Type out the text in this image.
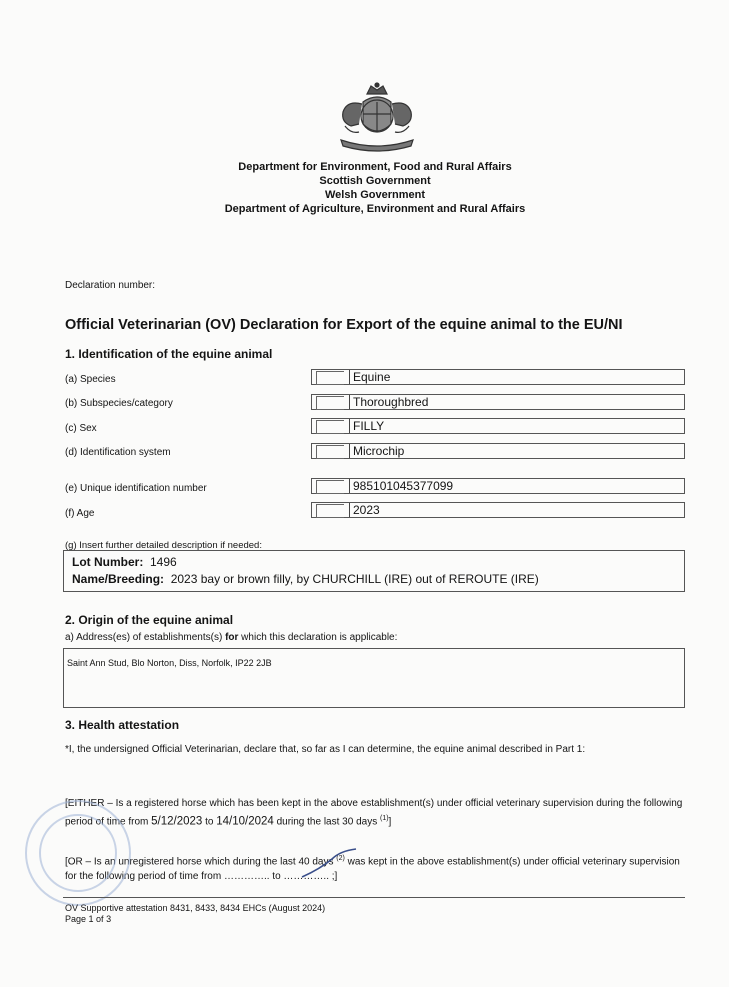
Department for Environment, Food and Rural Affairs
Scottish Government
Welsh Government
Department of Agriculture, Environment and Rural Affairs
Declaration number:
Official Veterinarian (OV) Declaration for Export of the equine animal to the EU/NI
1. Identification of the equine animal
(a) Species	Equine
(b) Subspecies/category	Thoroughbred
(c) Sex	FILLY
(d) Identification system	Microchip
(e) Unique identification number	985101045377099
(f) Age	2023
(g) Insert further detailed description if needed:
Lot Number: 1496
Name/Breeding: 2023 bay or brown filly, by CHURCHILL (IRE) out of REROUTE (IRE)
2. Origin of the equine animal
a) Address(es) of establishments(s) for which this declaration is applicable:
Saint Ann Stud, Blo Norton, Diss, Norfolk, IP22 2JB
3. Health attestation
*I, the undersigned Official Veterinarian, declare that, so far as I can determine, the equine animal described in Part 1:
[EITHER – Is a registered horse which has been kept in the above establishment(s) under official veterinary supervision during the following period of time from 5/12/2023 to 14/10/2024 during the last 30 days $^{(1)}$]
[OR – Is an unregistered horse which during the last 40 days $^{(2)}$ was kept in the above establishment(s) under official veterinary supervision for the following period of time from ………….. to ………….. ;]
OV Supportive attestation 8431, 8433, 8434 EHCs (August 2024)
Page 1 of 3
